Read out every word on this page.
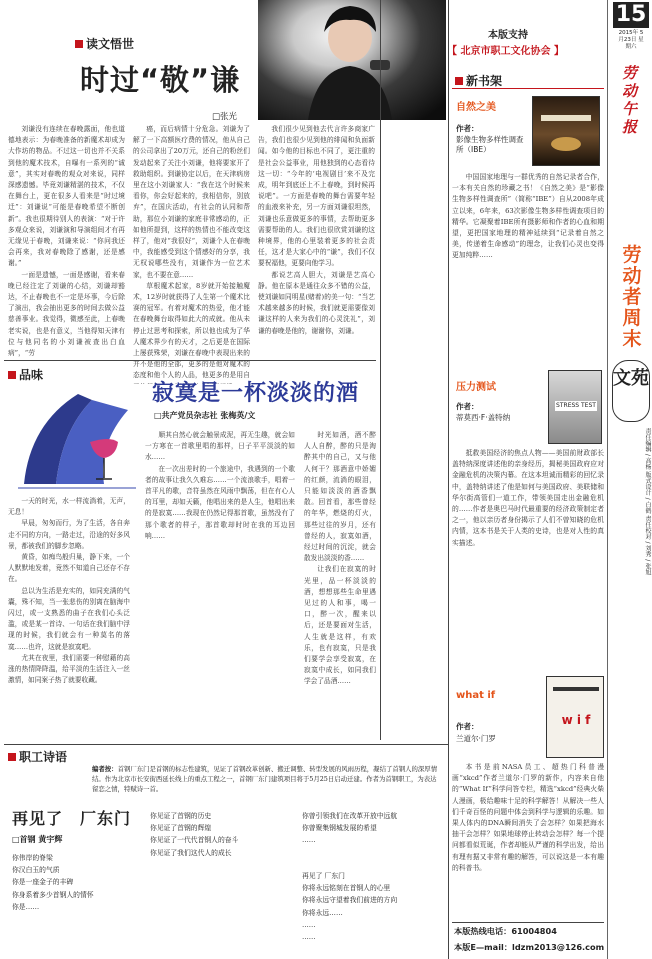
15
2015年 5月23日 星期六
劳动午报
劳动者周末
文苑
责任编辑 / 高杨 版式设计 / 白鹤 责任校对 / 刘秀 / 张旭
读文悟世
时过“敬”谦
□张光

刘谦没有连续在春晚露面，他也道德地表示：为春晚准备的新魔术却成为大作坊的物品。不过这一切也并不关系到他的魔术技术，自曝有一系列的“诚意”，其实对春晚的观众对来说，同样深感遗憾。毕竟刘谦精湛的技术，不仅在舞台上，更在很多人看来是“时过境迁”：刘谦说“可能是春晚希望不断创新”。我也很期待别人的表演：“对于许多观众来说，刘谦演和导演组间才有再无缘见于春晚，刘谦来说：“你问我还会再来，我对春晚除了感谢，还是感谢。”

一面是遗憾，一面是感谢，看来春晚已经注定了刘谦的心结，刘谦却豁达，不止春晚也不一定是坏事，今后除了演出，我会抽出更多的时间去做公益慈善事业。我觉得，微感至此，上春晚老实说，也是有意义，当他得知天津有位与他同名的小刘谦被查出白血病”，“劳

癌，而后病情十分危急。刘谦为了解了一下高额医疗费的情况，他从自己的公司拿出了20万元，还自己的粉丝们发动起来了关注小刘谦，他将要家开了救助组织。到谦协定以后，在天津病房里在这小刘谦家人：“我在这个时候来看你，你会好起来的，我相信你，别放弃”，在国庆活动，有社会的认同和帮助，那位小刘谦的家庭非常感动的，正如他所提到，这样的热情也不能改变这样了，他对“我很好“，刘谦个人在春晚中，我能感受到这个情感好的分享，我无权说哪些没有，刘谦作为一位艺术家，也不要在意……

草根魔术起家，8岁就开始接触魔术，12岁时就获得了人生第一个魔术比赛的冠军。有着对魔术的热爱，他才能在春晚舞台取得如此大的成就。他从未停止过思考和探索，所以他也成为了华人魔术界少有的天才，之后更是在国际上屡获殊荣，刘谦在春晚中表现出来的并不是他的全部，更多的是他对魔术的态度和他个人的人品，他更多的是用自

我们很少见到他去代言许多商家广告，我们也很少见到他的绯闻和负面新闻。如今他的目标也不同了，更注重的是社会公益事业，用他独到的心态看待这一切：“今年的‘电视剧目’来不及完成，明年到底还上不上春晚，到时候再说吧”。一方面是春晚的舞台需要年轻的血液来补充，另一方面刘谦很坦然，刘谦也乐意做更多的事情，去帮助更多需要帮助的人。我们也很欣赏刘谦的这种境界，他的心里装着更多的社会责任，这才是大家心中的“谦”，我们不仅要祝福他，更要向他学习。

都说艺高人胆大，刘谦是艺高心静。他在原本是通往众多不错的公益，使刘谦如同明星(赌着)的美一句：“当艺术越来越多的时候，我们就更需要像刘谦这样的人来为我们的心灵洗礼”，刘谦的春晚是他的，谢谢你，刘谦。

本版支持
【 北京市职工文化协会 】
新书架
自然之美
作者：
影像生物多样性调查所（IBE）
中国国家地理与一群优秀的自然记录者合作，一本有关自然的珍藏之书！《自然之美》是“影像生物多样性调查所”（简称“IBE”）自从2008年成立以来，6年来，63次影像生物多样性调查项目的精华。它凝聚着IBE所有摄影师和作者的心血和期望，更把国家地理的精神延续到“记录着自然之美，传递着生命感动”的理念，让我们心灵也变得更加纯粹……
压力测试
作者：
蒂莫西·F·盖特纳
STRESS TEST
抵救美国经济的焦点人物——美国前财政部长盖特纳深度讲述他的亲身经历，揭秘美国政府应对金融危机的决策内幕。在这本坦诚而精彩的回忆录中，盖特纳讲述了他是如何与美国政府、美联储和华尔街高管们一道工作，带领美国走出金融危机的……作者是奥巴马时代最重要的经济政策制定者之一，他以亲历者身份揭示了人们不曾知晓的危机内情，这本书是关于人类的史诗，也是对人性的真实描述。
what if
作者：
兰道尔·门罗
w i f
本书是前NASA员工、超热门科普漫画“xkcd”作者兰道尔·门罗的新作，内容来自他的“What If”科学问答专栏，精选“xkcd”经典火柴人漫画，极给趣味十足的科学解答！从解决一些人们千奇百怪的问题中体会到科学与逻辑的乐趣。如果人体内的DNA瞬间消失了会怎样？如果把海水抽干会怎样？如果地球停止转动会怎样？每一个提问都看似荒诞，作者却能从严谨的科学出发，给出有理有据又非常有趣的解答，可以说这是一本有趣的科普书。
本版热线电话：61004804
本版E—mail：ldzm2013@126.com
品味
寂寞是一杯淡淡的酒
□共产党员杂志社 张梅英/文

一天的时光，水一样流淌着，无声，无息！

早晨，匆匆而行，为了生活，各自奔走不同的方向，一路走过，沿途的好多风景，都被我们的脚步忽略。

黄昏，如痴鸟般归巢，静下来，一个人默默地发着，竟然不知道自己还存不存在。

总以为生活是充实的，如同充满的气囊，殊不知，当一张悲伤的别离在脑海中闪过，或一支熟悉的曲子在我们心头泛滥，或是某一首诗、一句话在我们脑中浮现的时候，我们就会有一种莫名的落寞……也许，这就是寂寞吧。

尤其在夜里，我们需要一种慰藉的高涨的热情降降温，给平淡的生活注入一丝激情，如同案子热了就要收藏。

顺其自然心就会触景成泥，再无生趣，就会如一方寒在一首歌里唱的那样，日子平平淡淡的如水……

在一次出差时的一个旅途中，我遇到的一个歌者的故事让我久久难忘……一个流浪歌手，唱着一首平凡的歌，音符虽然在风雨中飘荡，但在有心人的耳里，却如天籁，他唱出来的是人生，他唱出来的是寂寞……我现在仍然记得那首歌，虽然没有了那个歌者的样子，那首歌却时时在我的耳边回响……

时光如酒，酒不醉人人自醉，醉的只是淘醉其中的自己，又与他人何干？那酒意中娇媚的红颜，流淌的眼泪，只能如淡淡的酒香飘散。回首看，那些曾经的年华，燃烧的灯火，那些过往的岁月，还有曾经的人，寂寞如酒，经过时间的沉淀，就会散发出淡淡的香……

让我们在寂寞的时光里，品一杯淡淡的酒，想想那些生命里遇见过的人和事，喝一口，醉一次，醒来以后，还是要面对生活，人生就是这样，有欢乐，也有寂寞，只是我们要学会享受寂寞，在寂寞中成长，如同我们学会了品酒……

职工诗语
编者按：首钢厂东门是首钢的标志性建筑，见证了首钢改革创新、搬迁调整、转型发展的风雨历程，凝结了首钢人的深厚情结。作为北京市长安街西延长线上的重点工程之一，首钢厂东门建筑项目将于5月25日启动迁建。作者为首钢职工，为表达留恋之情，特赋诗一首。
再见了　厂东门
□首钢 黄宇辉
你伟岸的脊梁
你汉白玉的气质
你是一座金子的丰碑
你身系着多少首钢人的情怀
你是……
你见证了首钢的历史
你见证了首钢的辉煌
你见证了一代代首钢人的奋斗
你见证了我们这代人的成长
你曾引领我们在改革开放中远航
你曾聚集钢城发展的希望
……
再见了 厂东门
你将永远铭刻在首钢人的心里
你将永远守望着我们前进的方向
你将永远……
……
……
